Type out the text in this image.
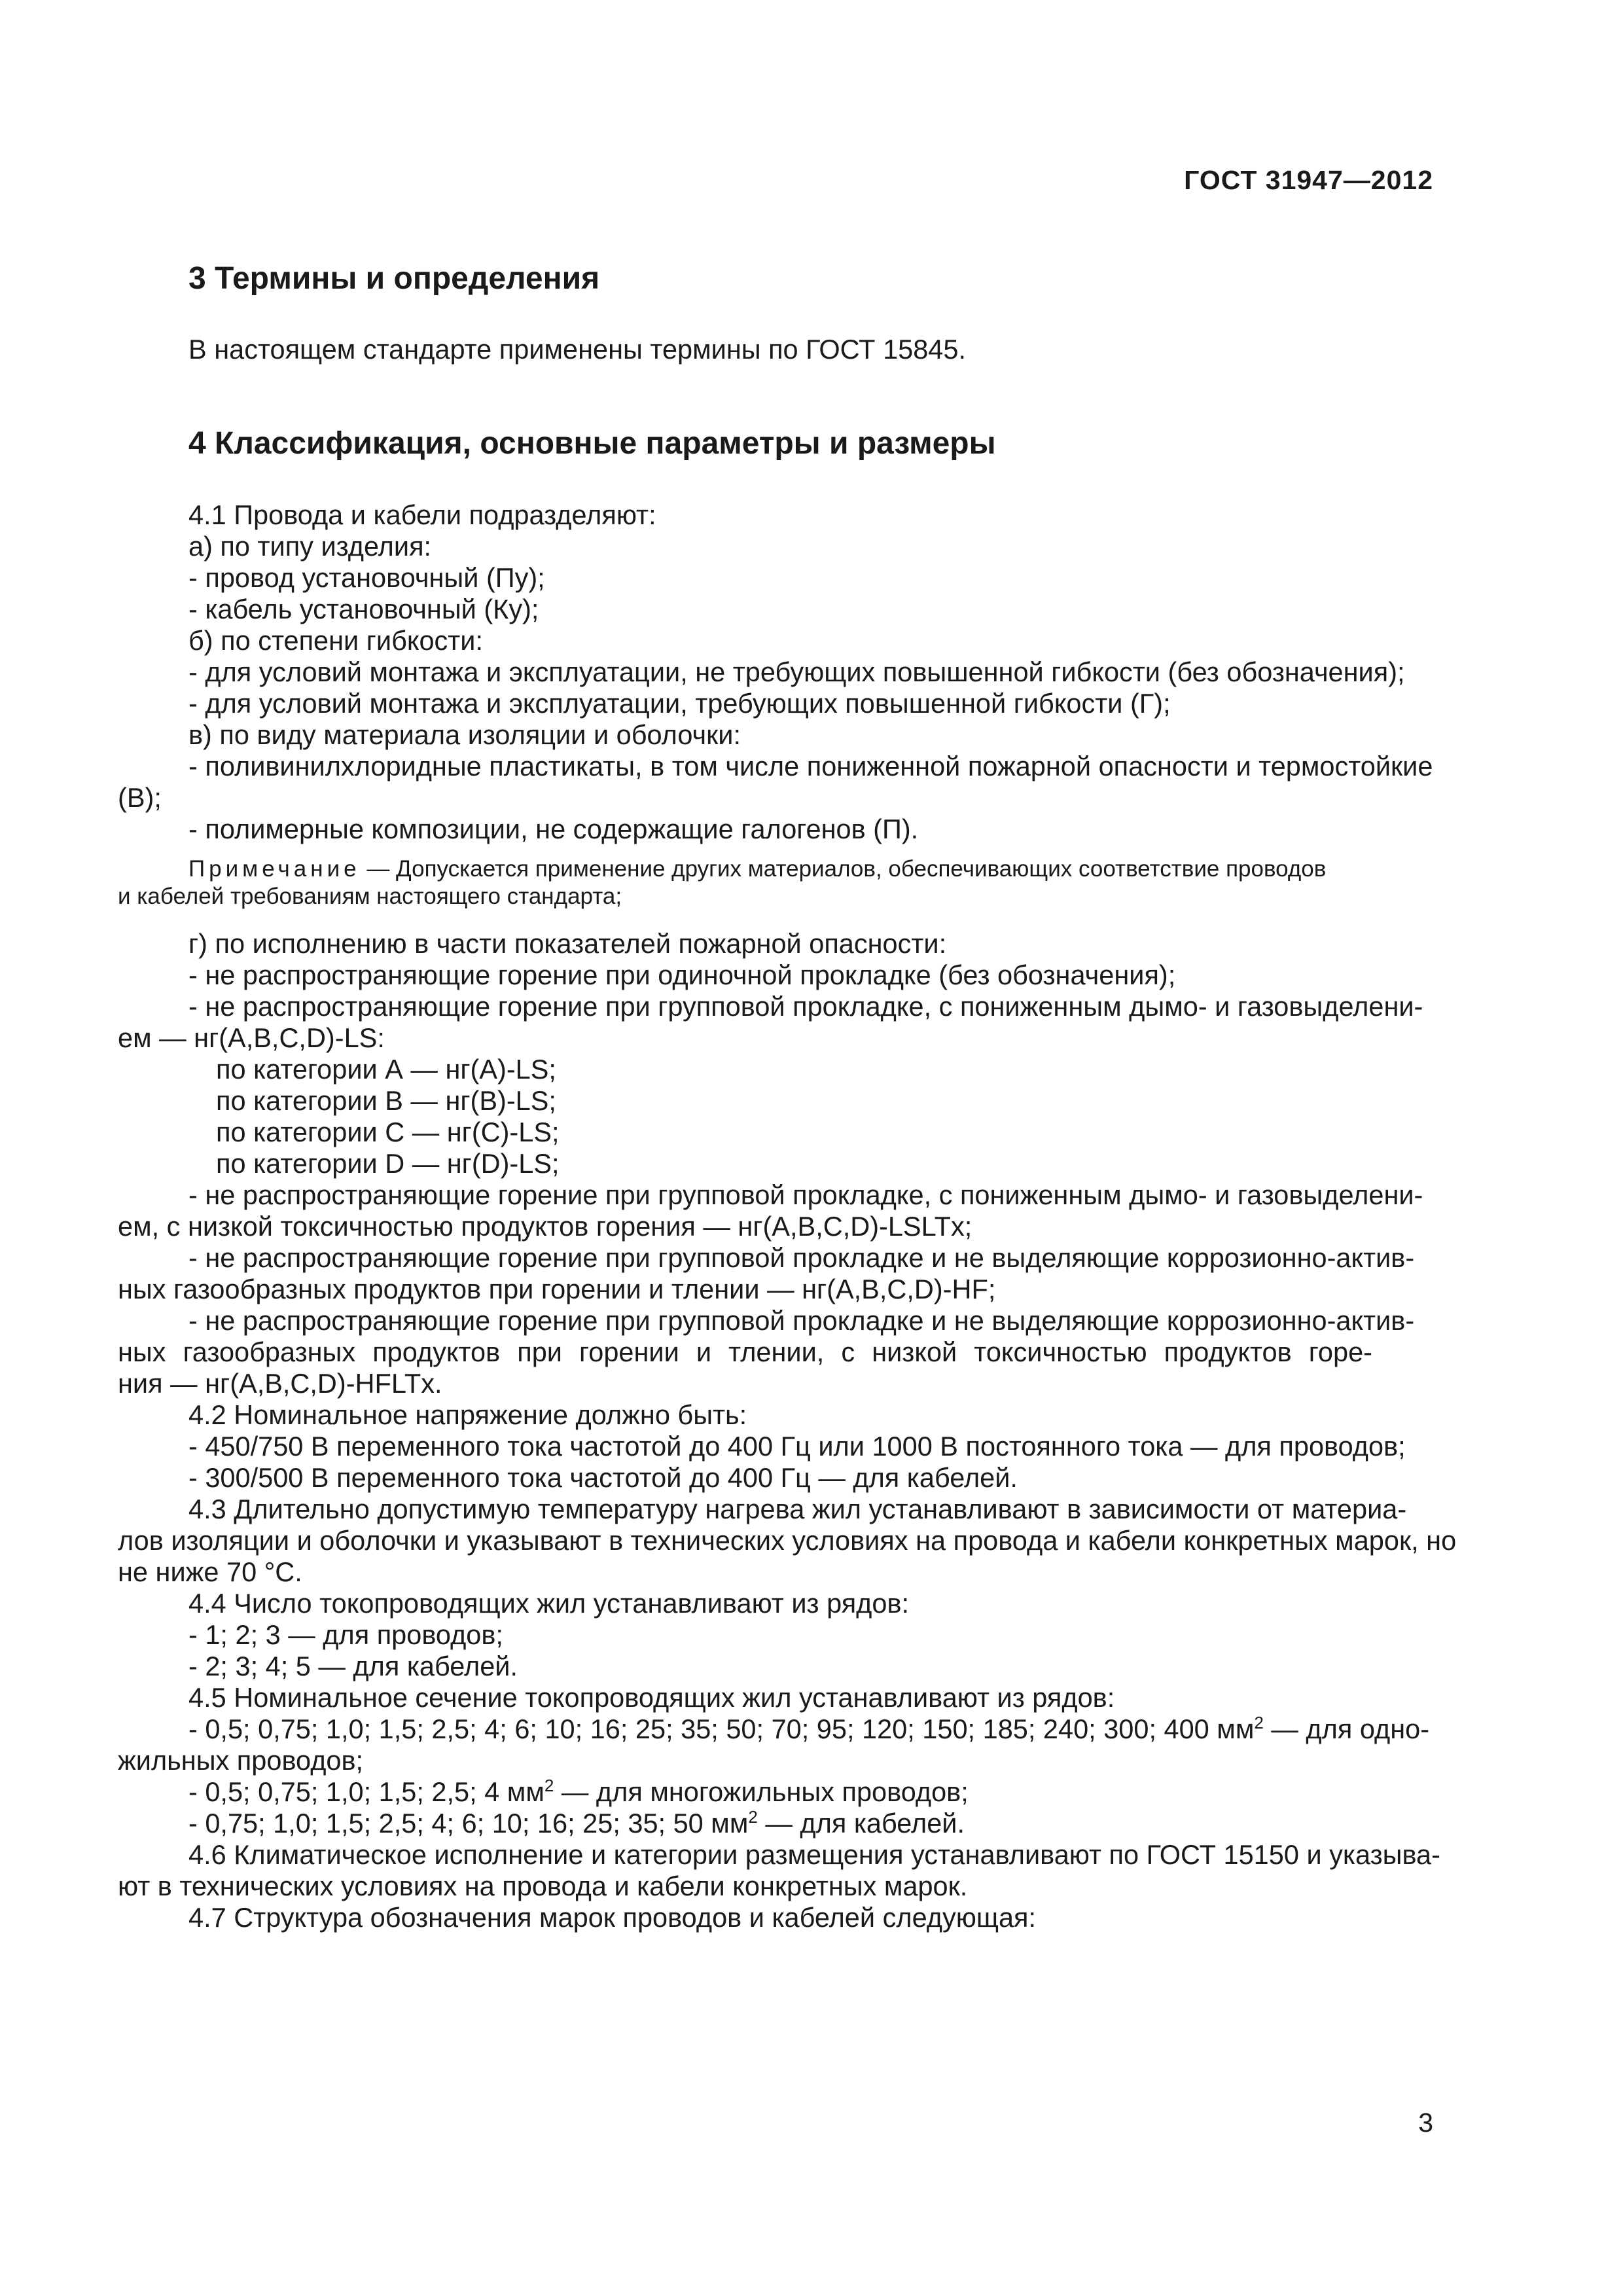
ГОСТ 31947—2012
3 Термины и определения
В настоящем стандарте применены термины по ГОСТ 15845.
4 Классификация, основные параметры и размеры
4.1 Провода и кабели подразделяют:
а) по типу изделия:
- провод установочный (Пу);
- кабель установочный (Ку);
б) по степени гибкости:
- для условий монтажа и эксплуатации, не требующих повышенной гибкости (без обозначения);
- для условий монтажа и эксплуатации, требующих повышенной гибкости (Г);
в) по виду материала изоляции и оболочки:
- поливинилхлоридные пластикаты, в том числе пониженной пожарной опасности и термостойкие
(В);
- полимерные композиции, не содержащие галогенов (П).
Примечание — Допускается применение других материалов, обеспечивающих соответствие проводов
и кабелей требованиям настоящего стандарта;
г) по исполнению в части показателей пожарной опасности:
- не распространяющие горение при одиночной прокладке (без обозначения);
- не распространяющие горение при групповой прокладке, с пониженным дымо- и газовыделени-
ем — нг(A,B,C,D)-LS:
по категории А — нг(А)-LS;
по категории В — нг(В)-LS;
по категории С — нг(С)-LS;
по категории D — нг(D)-LS;
- не распространяющие горение при групповой прокладке, с пониженным дымо- и газовыделени-
ем, с низкой токсичностью продуктов горения — нг(A,B,C,D)-LSLTx;
- не распространяющие горение при групповой прокладке и не выделяющие коррозионно-актив-
ных газообразных продуктов при горении и тлении — нг(A,B,C,D)-HF;
- не распространяющие горение при групповой прокладке и не выделяющие коррозионно-актив-
ных газообразных продуктов при горении и тлении, с низкой токсичностью продуктов горе-
ния — нг(A,B,C,D)-HFLTx.
4.2 Номинальное напряжение должно быть:
- 450/750 В переменного тока частотой до 400 Гц или 1000 В постоянного тока — для проводов;
- 300/500 В переменного тока частотой до 400 Гц — для кабелей.
4.3 Длительно допустимую температуру нагрева жил устанавливают в зависимости от материа-
лов изоляции и оболочки и указывают в технических условиях на провода и кабели конкретных марок, но
не ниже 70 °С.
4.4 Число токопроводящих жил устанавливают из рядов:
- 1; 2; 3 — для проводов;
- 2; 3; 4; 5 — для кабелей.
4.5 Номинальное сечение токопроводящих жил устанавливают из рядов:
- 0,5; 0,75; 1,0; 1,5; 2,5; 4; 6; 10; 16; 25; 35; 50; 70; 95; 120; 150; 185; 240; 300; 400 $мм^2$ — для одно-
жильных проводов;
- 0,5; 0,75; 1,0; 1,5; 2,5; 4 $мм^2$ — для многожильных проводов;
- 0,75; 1,0; 1,5; 2,5; 4; 6; 10; 16; 25; 35; 50 $мм^2$ — для кабелей.
4.6 Климатическое исполнение и категории размещения устанавливают по ГОСТ 15150 и указыва-
ют в технических условиях на провода и кабели конкретных марок.
4.7 Структура обозначения марок проводов и кабелей следующая:
3
